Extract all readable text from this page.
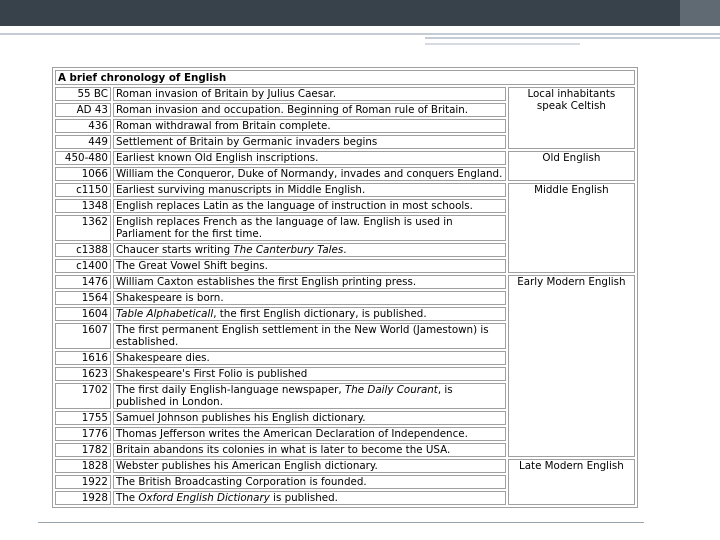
A brief chronology of English		
55 BC	Roman invasion of Britain by Julius Caesar.	Local inhabitants speak Celtish
AD 43	Roman invasion and occupation. Beginning of Roman rule of Britain.	
436	Roman withdrawal from Britain complete.	
449	Settlement of Britain by Germanic invaders begins	
450-480	Earliest known Old English inscriptions.	Old English
1066	William the Conqueror, Duke of Normandy, invades and conquers England.	
c1150	Earliest surviving manuscripts in Middle English.	Middle English
1348	English replaces Latin as the language of instruction in most schools.	
1362	English replaces French as the language of law. English is used in Parliament for the first time.	
c1388	Chaucer starts writing The Canterbury Tales.	
c1400	The Great Vowel Shift begins.	
1476	William Caxton establishes the first English printing press.	Early Modern English
1564	Shakespeare is born.	
1604	Table Alphabeticall, the first English dictionary, is published.	
1607	The first permanent English settlement in the New World (Jamestown) is established.	
1616	Shakespeare dies.	
1623	Shakespeare's First Folio is published	
1702	The first daily English-language newspaper, The Daily Courant, is published in London.	
1755	Samuel Johnson publishes his English dictionary.	
1776	Thomas Jefferson writes the American Declaration of Independence.	
1782	Britain abandons its colonies in what is later to become the USA.	
1828	Webster publishes his American English dictionary.	Late Modern English
1922	The British Broadcasting Corporation is founded.	
1928	The Oxford English Dictionary is published.	
